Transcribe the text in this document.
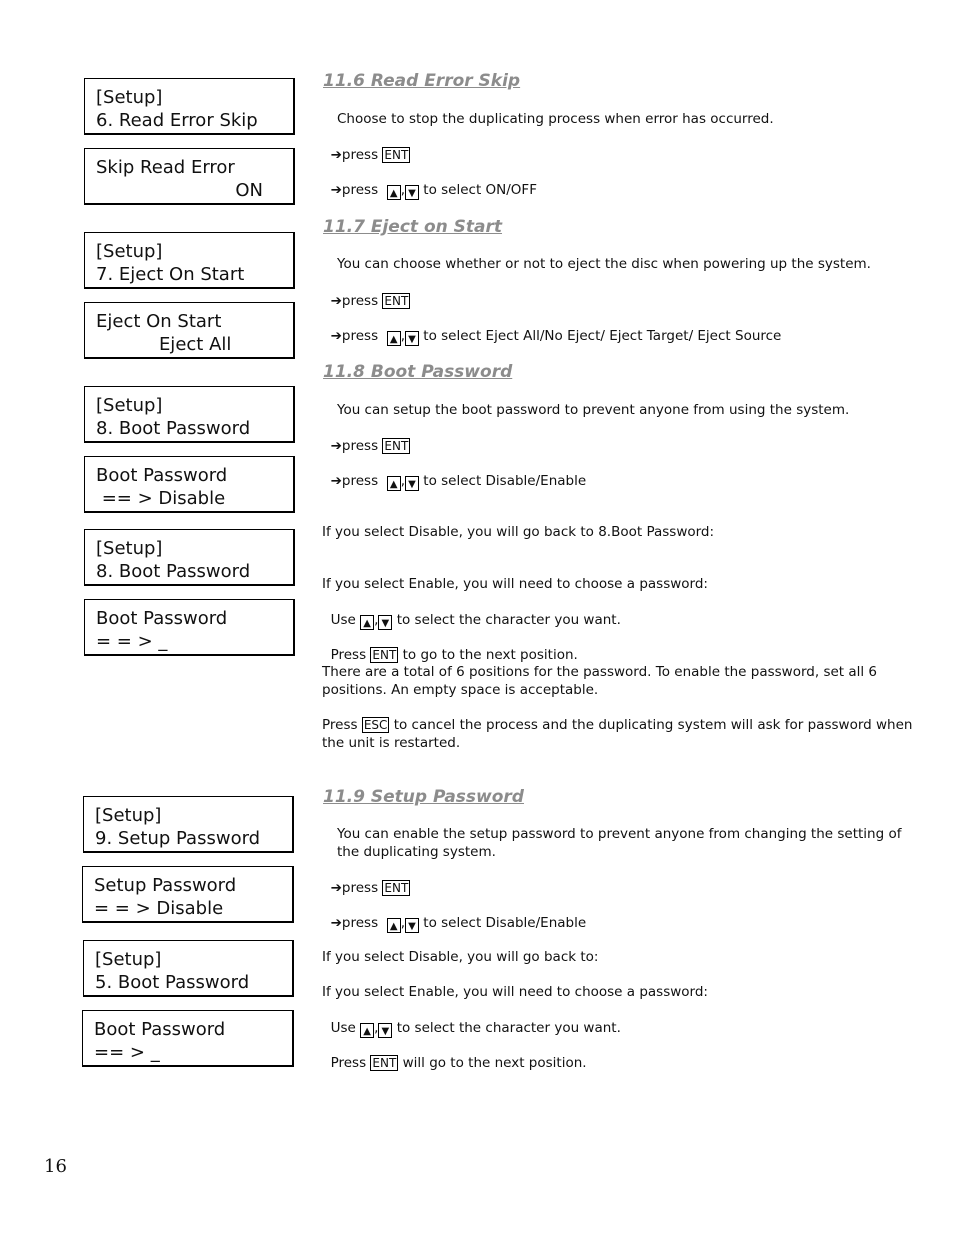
[Setup]
6. Read Error Skip
Skip Read Error
ON
[Setup]
7. Eject On Start
Eject On Start
Eject All
[Setup]
8. Boot Password
Boot Password
== > Disable
[Setup]
8. Boot Password
Boot Password
= = > _
[Setup]
9. Setup Password
Setup Password
= = > Disable
[Setup]
5. Boot Password
Boot Password
== > _
11.6 Read Error Skip
Choose to stop the duplicating process when error has occurred.

➔press ENT

➔press  ▲ , ▼ to select ON/OFF

11.7 Eject on Start
You can choose whether or not to eject the disc when powering up the system.

➔press ENT

➔press  ▲ , ▼ to select Eject All/No Eject/ Eject Target/ Eject Source

11.8 Boot Password
You can setup the boot password to prevent anyone from using the system.

➔press ENT

➔press  ▲ , ▼ to select Disable/Enable

If you select Disable, you will go back to 8.Boot Password:
If you select Enable, you will need to choose a password:

Use ▲ , ▼ to select the character you want.

Press ENT to go to the next position.

There are a total of 6 positions for the password. To enable the password, set all 6 positions. An empty space is acceptable.
Press ESC to cancel the process and the duplicating system will ask for password when the unit is restarted.
11.9 Setup Password
You can enable the setup password to prevent anyone from changing the setting of the duplicating system.

➔press ENT

➔press  ▲ , ▼ to select Disable/Enable

If you select Disable, you will go back to:
If you select Enable, you will need to choose a password:

Use ▲ , ▼ to select the character you want.

Press ENT will go to the next position.

16
